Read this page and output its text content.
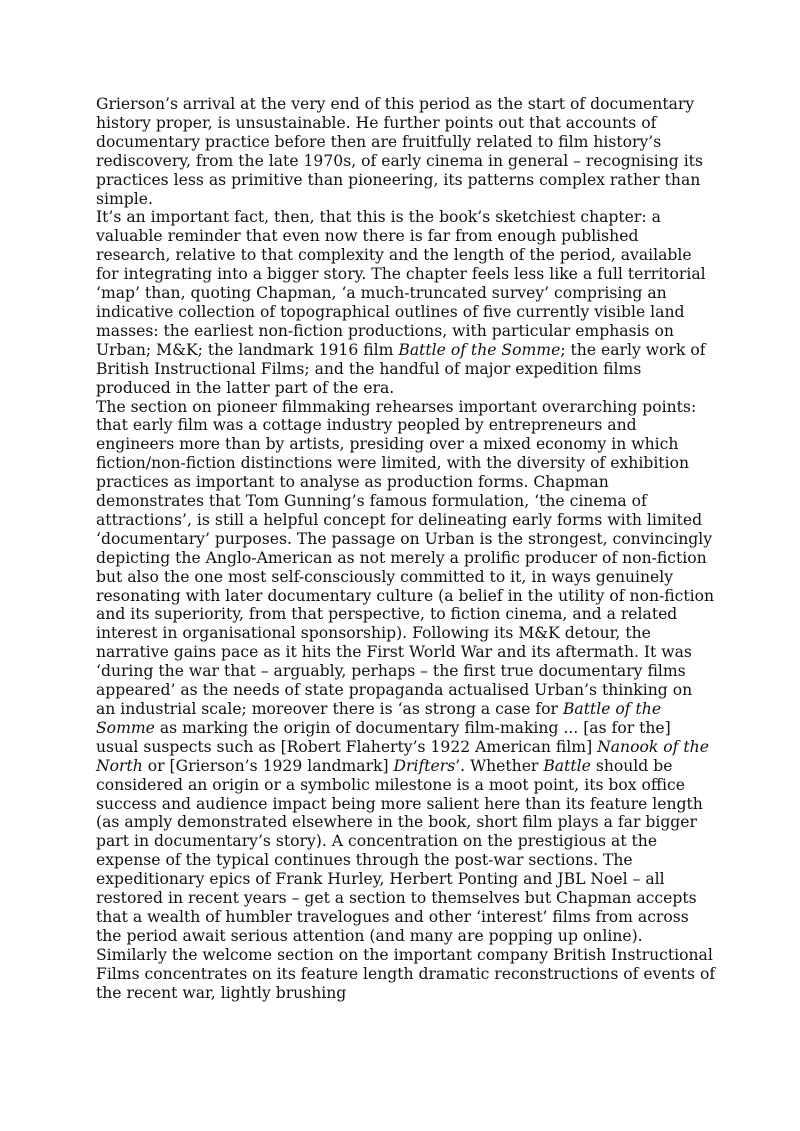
Grierson’s arrival at the very end of this period as the start of documentary history proper, is unsustainable. He further points out that accounts of documentary practice before then are fruitfully related to film history’s rediscovery, from the late 1970s, of early cinema in general – recognising its practices less as primitive than pioneering, its patterns complex rather than simple.

It’s an important fact, then, that this is the book’s sketchiest chapter: a valuable reminder that even now there is far from enough published research, relative to that complexity and the length of the period, available for integrating into a bigger story. The chapter feels less like a full territorial ‘map’ than, quoting Chapman, ‘a much-truncated survey’ comprising an indicative collection of topographical outlines of five currently visible land masses: the earliest non-fiction productions, with particular emphasis on Urban; M&K; the landmark 1916 film Battle of the Somme; the early work of British Instructional Films; and the handful of major expedition films produced in the latter part of the era.

The section on pioneer filmmaking rehearses important overarching points: that early film was a cottage industry peopled by entrepreneurs and engineers more than by artists, presiding over a mixed economy in which fiction/non-fiction distinctions were limited, with the diversity of exhibition practices as important to analyse as production forms. Chapman demonstrates that Tom Gunning’s famous formulation, ‘the cinema of attractions’, is still a helpful concept for delineating early forms with limited ‘documentary’ purposes. The passage on Urban is the strongest, convincingly depicting the Anglo-American as not merely a prolific producer of non-fiction but also the one most self-consciously committed to it, in ways genuinely resonating with later documentary culture (a belief in the utility of non-fiction and its superiority, from that perspective, to fiction cinema, and a related interest in organisational sponsorship). Following its M&K detour, the narrative gains pace as it hits the First World War and its aftermath. It was ‘during the war that – arguably, perhaps – the first true documentary films appeared’ as the needs of state propaganda actualised Urban’s thinking on an industrial scale; moreover there is ‘as strong a case for Battle of the Somme as marking the origin of documentary film-making ... [as for the] usual suspects such as [Robert Flaherty’s 1922 American film] Nanook of the North or [Grierson’s 1929 landmark] Drifters’. Whether Battle should be considered an origin or a symbolic milestone is a moot point, its box office success and audience impact being more salient here than its feature length (as amply demonstrated elsewhere in the book, short film plays a far bigger part in documentary’s story). A concentration on the prestigious at the expense of the typical continues through the post-war sections. The expeditionary epics of Frank Hurley, Herbert Ponting and JBL Noel – all restored in recent years – get a section to themselves but Chapman accepts that a wealth of humbler travelogues and other ‘interest’ films from across the period await serious attention (and many are popping up online). Similarly the welcome section on the important company British Instructional Films concentrates on its feature length dramatic reconstructions of events of the recent war, lightly brushing
